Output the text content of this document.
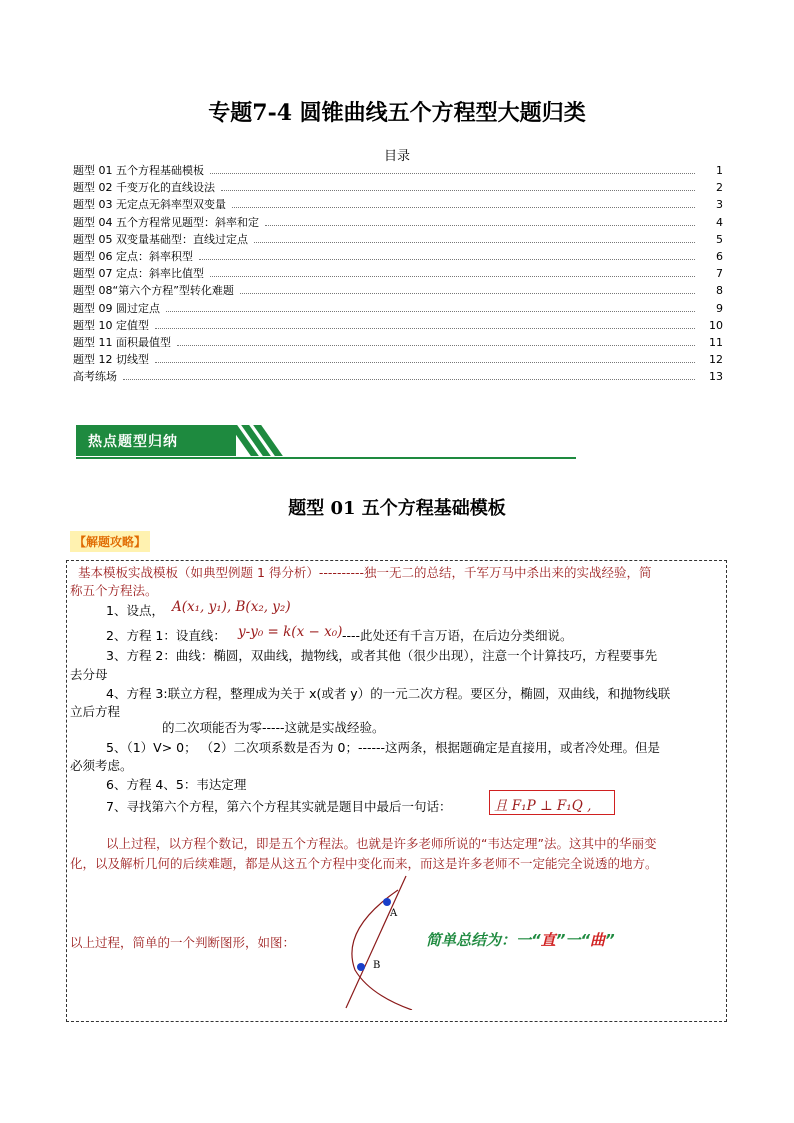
专题7-4 圆锥曲线五个方程型大题归类
目录
题型 01 五个方程基础模板	1
题型 02 千变万化的直线设法	2
题型 03 无定点无斜率型双变量	3
题型 04 五个方程常见题型：斜率和定	4
题型 05 双变量基础型：直线过定点	5
题型 06 定点：斜率积型	6
题型 07 定点：斜率比值型	7
题型 08“第六个方程”型转化难题	8
题型 09 圆过定点	9
题型 10 定值型	10
题型 11 面积最值型	11
题型 12 切线型	12
高考练场	13
热点题型归纳
题型 01 五个方程基础模板
【解题攻略】
基本模板实战模板（如典型例题 1 得分析）----------独一无二的总结，千军万马中杀出来的实战经验，简
称五个方程法。
1、设点， A(x₁, y₁), B(x₂, y₂)
2、方程 1：设直线： y-y₀ = k(x − x₀) ----此处还有千言万语，在后边分类细说。
3、方程 2：曲线：椭圆，双曲线，抛物线，或者其他（很少出现），注意一个计算技巧，方程要事先
去分母
4、方程 3:联立方程，整理成为关于 x(或者 y）的一元二次方程。要区分，椭圆，双曲线，和抛物线联
立后方程
的二次项能否为零-----这就是实战经验。
5、（1）V> 0； （2）二次项系数是否为 0；------这两条，根据题确定是直接用，或者冷处理。但是
必须考虑。
6、方程 4、5：韦达定理
7、寻找第六个方程，第六个方程其实就是题目中最后一句话：	且 F₁P ⊥ F₁Q ,
以上过程，以方程个数记，即是五个方程法。也就是许多老师所说的“韦达定理”法。这其中的华丽变
化，以及解析几何的后续难题，都是从这五个方程中变化而来，而这是许多老师不一定能完全说透的地方。
以上过程，简单的一个判断图形，如图：
A
B
简单总结为：一“直”一“曲”
